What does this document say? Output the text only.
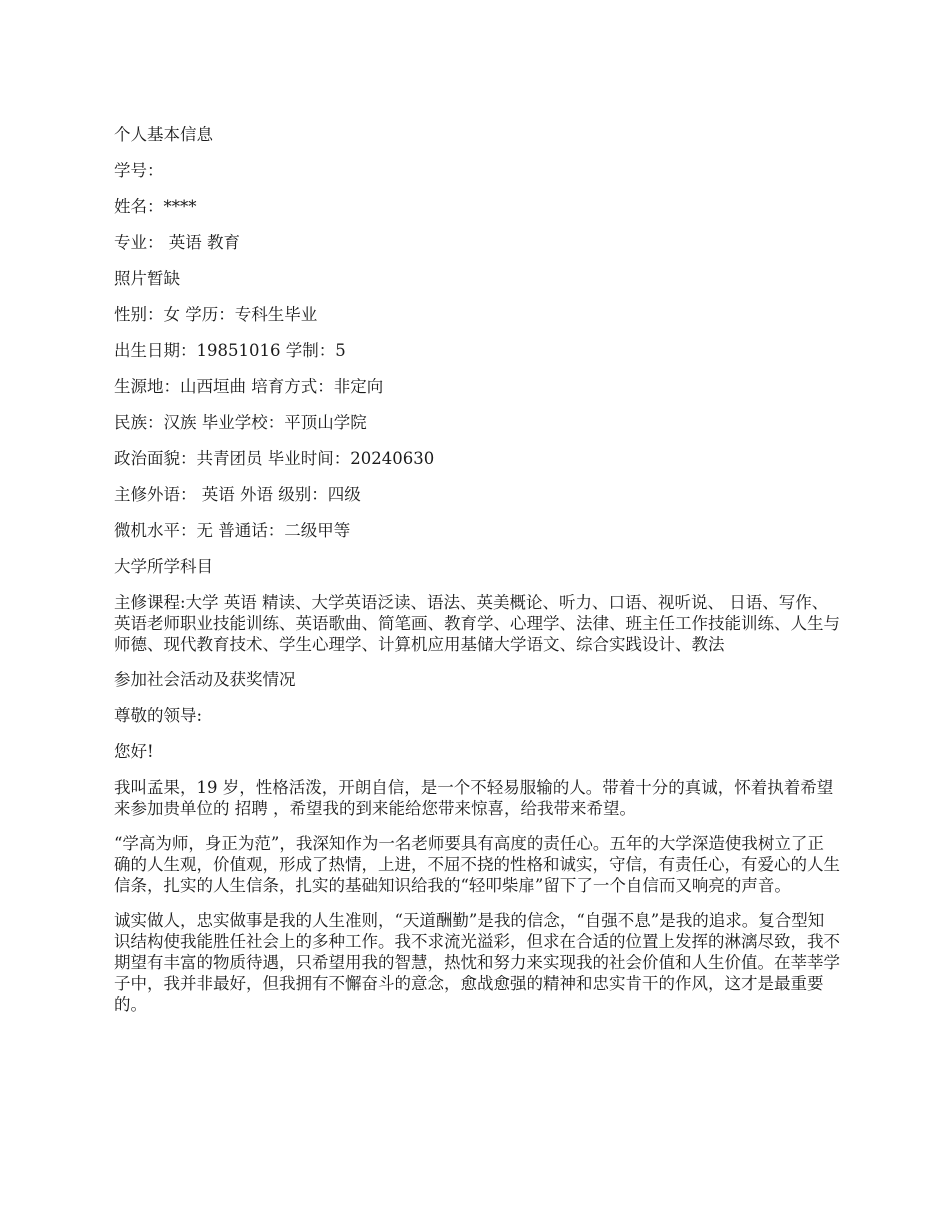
个人基本信息

学号：

姓名：****

专业： 英语 教育

照片暂缺

性别：女 学历：专科生毕业

出生日期：19851016 学制：5

生源地：山西垣曲 培育方式：非定向

民族：汉族 毕业学校：平顶山学院

政治面貌：共青团员 毕业时间：20240630

主修外语： 英语 外语 级别：四级

微机水平：无 普通话：二级甲等

大学所学科目

主修课程:大学 英语 精读、大学英语泛读、语法、英美概论、听力、口语、视听说、 日语、写作、英语老师职业技能训练、英语歌曲、简笔画、教育学、心理学、法律、班主任工作技能训练、人生与师德、现代教育技术、学生心理学、计算机应用基储大学语文、综合实践设计、教法

参加社会活动及获奖情况

尊敬的领导:

您好!

我叫孟果，19 岁，性格活泼，开朗自信，是一个不轻易服输的人。带着十分的真诚，怀着执着希望来参加贵单位的 招聘 ，希望我的到来能给您带来惊喜，给我带来希望。

“学高为师，身正为范”，我深知作为一名老师要具有高度的责任心。五年的大学深造使我树立了正确的人生观，价值观，形成了热情，上进，不屈不挠的性格和诚实，守信，有责任心，有爱心的人生信条，扎实的人生信条，扎实的基础知识给我的“轻叩柴扉”留下了一个自信而又响亮的声音。

诚实做人，忠实做事是我的人生准则，“天道酬勤”是我的信念，“自强不息”是我的追求。复合型知识结构使我能胜任社会上的多种工作。我不求流光溢彩，但求在合适的位置上发挥的淋漓尽致，我不期望有丰富的物质待遇，只希望用我的智慧，热忱和努力来实现我的社会价值和人生价值。在莘莘学子中，我并非最好，但我拥有不懈奋斗的意念，愈战愈强的精神和忠实肯干的作风，这才是最重要的。
